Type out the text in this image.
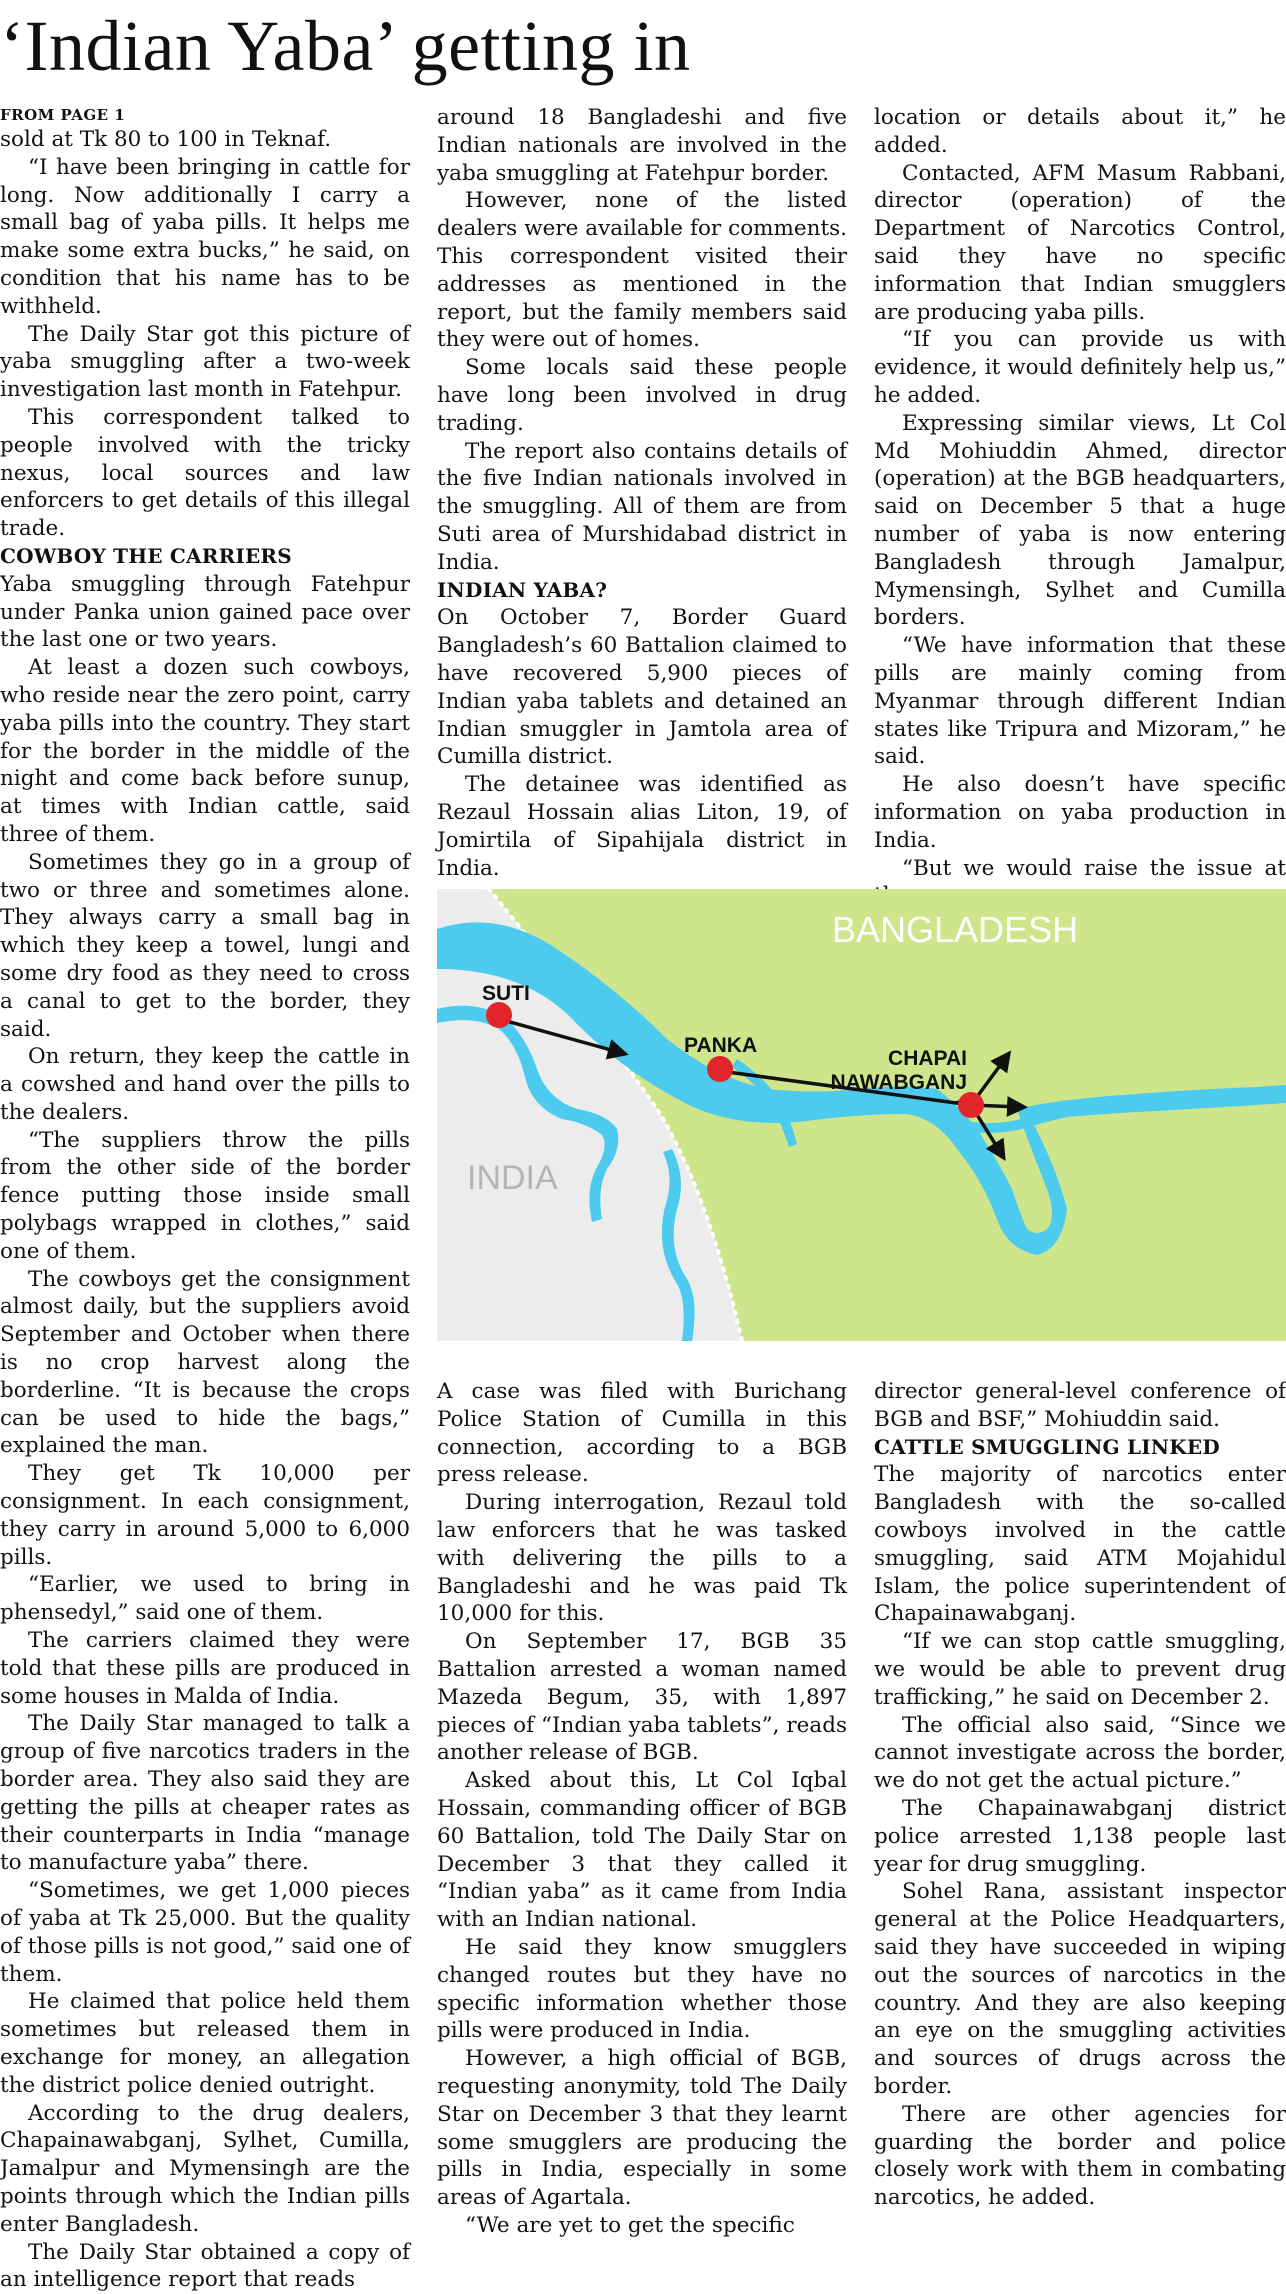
‘Indian Yaba’ getting in

FROM PAGE 1

sold at Tk 80 to 100 in Teknaf.

“I have been bringing in cattle for long. Now additionally I carry a small bag of yaba pills. It helps me make some extra bucks,” he said, on condition that his name has to be withheld.

The Daily Star got this picture of yaba smuggling after a two-week investigation last month in Fatehpur.

This correspondent talked to people involved with the tricky nexus, local sources and law enforcers to get details of this illegal trade.

COWBOY THE CARRIERS

Yaba smuggling through Fatehpur under Panka union gained pace over the last one or two years.

At least a dozen such cowboys, who reside near the zero point, carry yaba pills into the country. They start for the border in the middle of the night and come back before sunup, at times with Indian cattle, said three of them.

Sometimes they go in a group of two or three and sometimes alone. They always carry a small bag in which they keep a towel, lungi and some dry food as they need to cross a canal to get to the border, they said.

On return, they keep the cattle in a cowshed and hand over the pills to the dealers.

“The suppliers throw the pills from the other side of the border fence putting those inside small polybags wrapped in clothes,” said one of them.

The cowboys get the consignment almost daily, but the suppliers avoid September and October when there is no crop harvest along the borderline. “It is because the crops can be used to hide the bags,” explained the man.

They get Tk 10,000 per consignment. In each consignment, they carry in around 5,000 to 6,000 pills.

“Earlier, we used to bring in phensedyl,” said one of them.

The carriers claimed they were told that these pills are produced in some houses in Malda of India.

The Daily Star managed to talk a group of five narcotics traders in the border area. They also said they are getting the pills at cheaper rates as their counterparts in India “manage to manufacture yaba” there.

“Sometimes, we get 1,000 pieces of yaba at Tk 25,000. But the quality of those pills is not good,” said one of them.

He claimed that police held them sometimes but released them in exchange for money, an allegation the district police denied outright.

According to the drug dealers, Chapainawabganj, Sylhet, Cumilla, Jamalpur and Mymensingh are the points through which the Indian pills enter Bangladesh.

The Daily Star obtained a copy of an intelligence report that reads

around 18 Bangladeshi and five Indian nationals are involved in the yaba smuggling at Fatehpur border.

However, none of the listed dealers were available for comments. This correspondent visited their addresses as mentioned in the report, but the family members said they were out of homes.

Some locals said these people have long been involved in drug trading.

The report also contains details of the five Indian nationals involved in the smuggling. All of them are from Suti area of Murshidabad district in India.

INDIAN YABA?

On October 7, Border Guard Bangladesh’s 60 Battalion claimed to have recovered 5,900 pieces of Indian yaba tablets and detained an Indian smuggler in Jamtola area of Cumilla district.

The detainee was identified as Rezaul Hossain alias Liton, 19, of Jomirtila of Sipahijala district in India.

location or details about it,” he added.

Contacted, AFM Masum Rabbani, director (operation) of the Department of Narcotics Control, said they have no specific information that Indian smugglers are producing yaba pills.

“If you can provide us with evidence, it would definitely help us,” he added.

Expressing similar views, Lt Col Md Mohiuddin Ahmed, director (operation) at the BGB headquarters, said on December 5 that a huge number of yaba is now entering Bangladesh through Jamalpur, Mymensingh, Sylhet and Cumilla borders.

“We have information that these pills are mainly coming from Myanmar through different Indian states like Tripura and Mizoram,” he said.

He also doesn’t have specific information on yaba production in India.

“But we would raise the issue at

BANGLADESH
INDIA
SUTI
PANKA
CHAPAI
NAWABGANJ

A case was filed with Burichang Police Station of Cumilla in this connection, according to a BGB press release.

During interrogation, Rezaul told law enforcers that he was tasked with delivering the pills to a Bangladeshi and he was paid Tk 10,000 for this.

On September 17, BGB 35 Battalion arrested a woman named Mazeda Begum, 35, with 1,897 pieces of “Indian yaba tablets”, reads another release of BGB.

Asked about this, Lt Col Iqbal Hossain, commanding officer of BGB 60 Battalion, told The Daily Star on December 3 that they called it “Indian yaba” as it came from India with an Indian national.

He said they know smugglers changed routes but they have no specific information whether those pills were produced in India.

However, a high official of BGB, requesting anonymity, told The Daily Star on December 3 that they learnt some smugglers are producing the pills in India, especially in some areas of Agartala.

“We are yet to get the specific

director general-level conference of BGB and BSF,” Mohiuddin said.

CATTLE SMUGGLING LINKED

The majority of narcotics enter Bangladesh with the so-called cowboys involved in the cattle smuggling, said ATM Mojahidul Islam, the police superintendent of Chapainawabganj.

“If we can stop cattle smuggling, we would be able to prevent drug trafficking,” he said on December 2.

The official also said, “Since we cannot investigate across the border, we do not get the actual picture.”

The Chapainawabganj district police arrested 1,138 people last year for drug smuggling.

Sohel Rana, assistant inspector general at the Police Headquarters, said they have succeeded in wiping out the sources of narcotics in the country. And they are also keeping an eye on the smuggling activities and sources of drugs across the border.

There are other agencies for guarding the border and police closely work with them in combating narcotics, he added.
